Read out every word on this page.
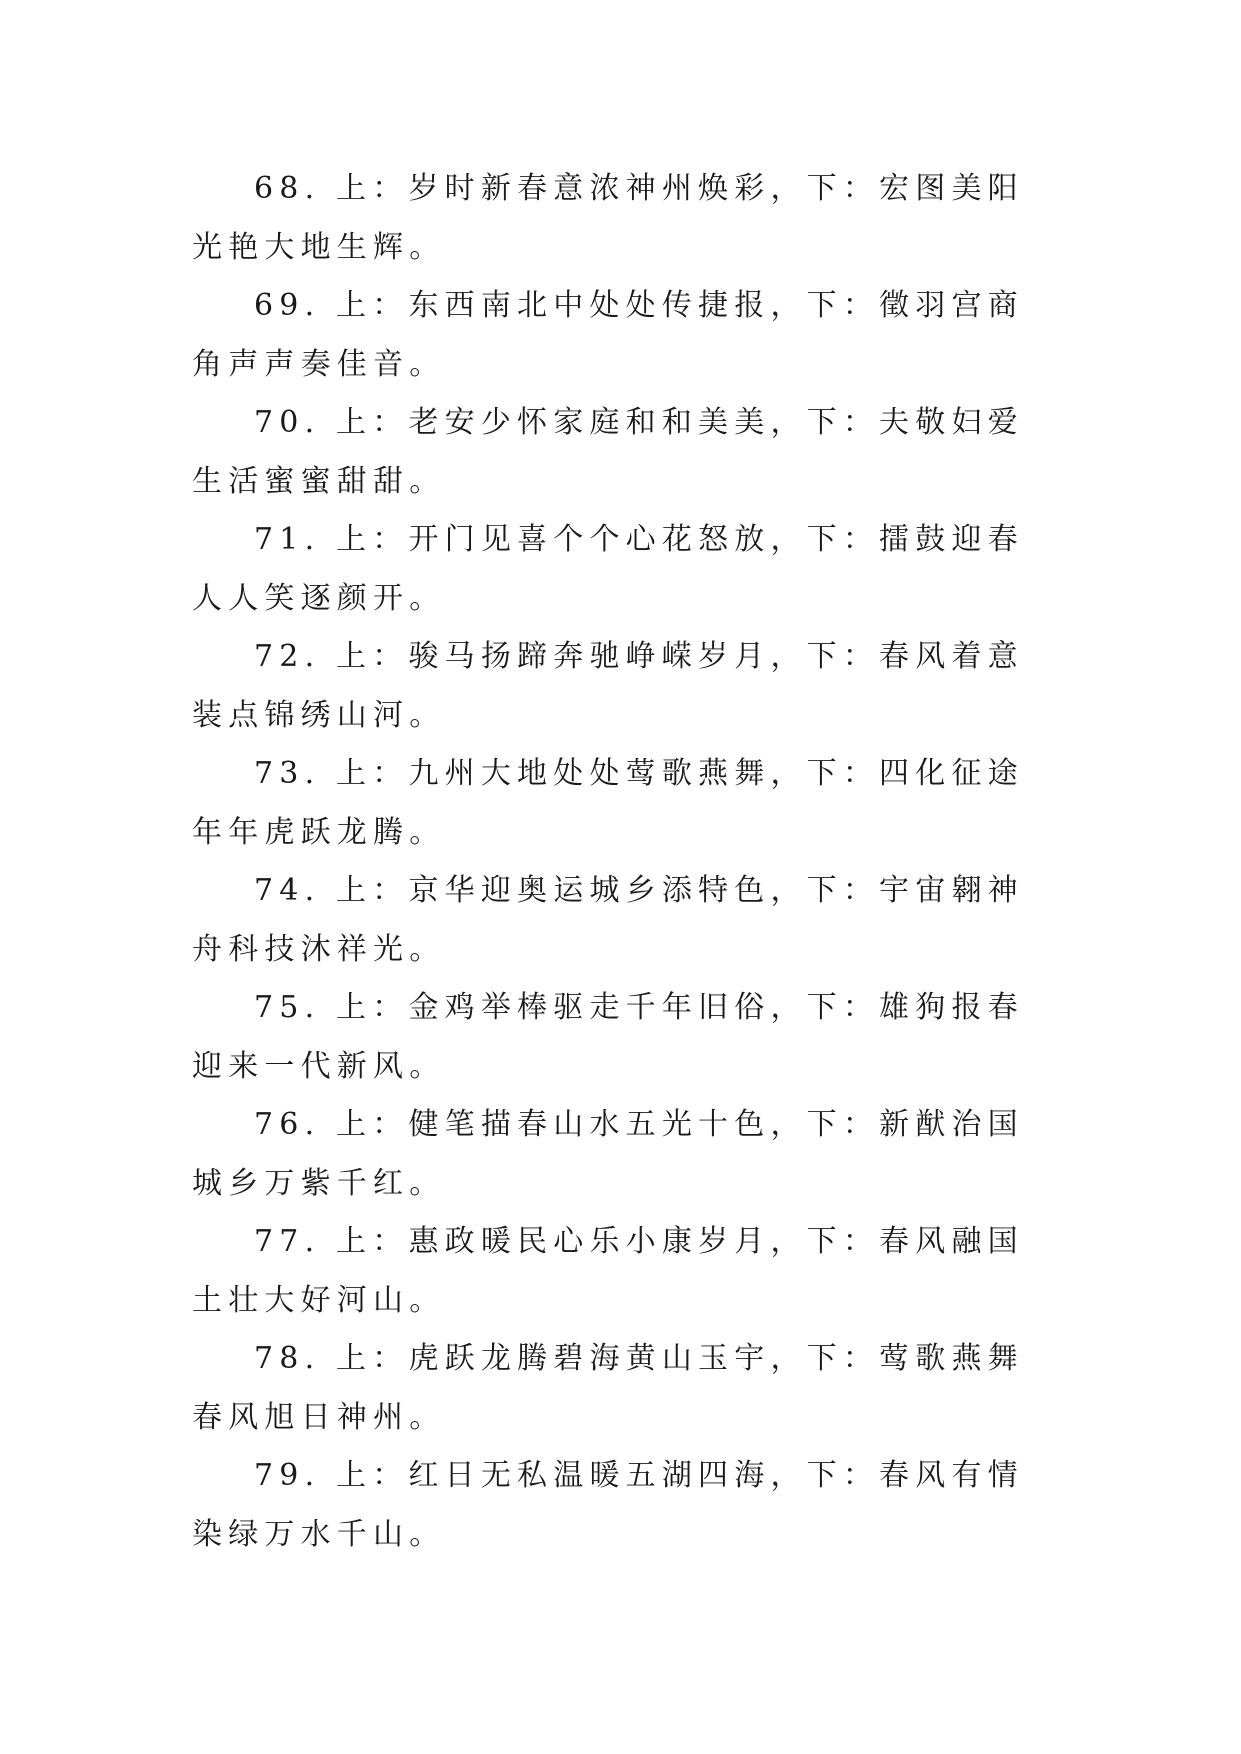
68. 上：岁时新春意浓神州焕彩，下：宏图美阳光艳大地生辉。

69. 上：东西南北中处处传捷报，下：徵羽宫商角声声奏佳音。

70. 上：老安少怀家庭和和美美，下：夫敬妇爱生活蜜蜜甜甜。

71. 上：开门见喜个个心花怒放，下：擂鼓迎春人人笑逐颜开。

72. 上：骏马扬蹄奔驰峥嵘岁月，下：春风着意装点锦绣山河。

73. 上：九州大地处处莺歌燕舞，下：四化征途年年虎跃龙腾。

74. 上：京华迎奥运城乡添特色，下：宇宙翱神舟科技沐祥光。

75. 上：金鸡举棒驱走千年旧俗，下：雄狗报春迎来一代新风。

76. 上：健笔描春山水五光十色，下：新猷治国城乡万紫千红。

77. 上：惠政暖民心乐小康岁月，下：春风融国土壮大好河山。

78. 上：虎跃龙腾碧海黄山玉宇，下：莺歌燕舞春风旭日神州。

79. 上：红日无私温暖五湖四海，下：春风有情染绿万水千山。
